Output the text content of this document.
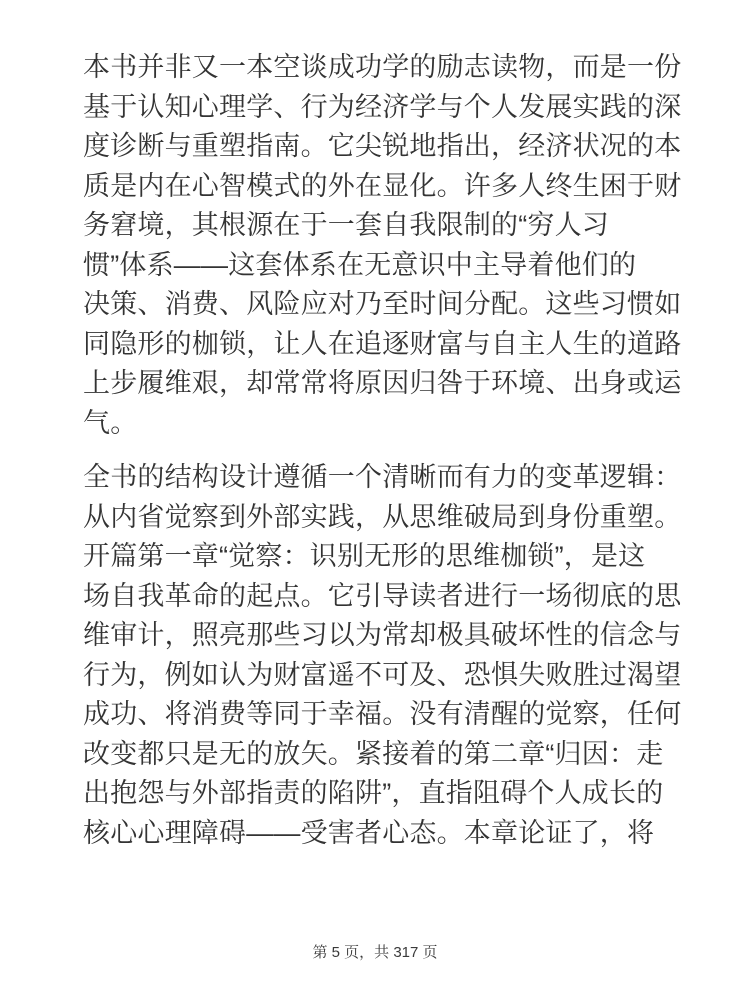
本书并非又一本空谈成功学的励志读物，而是一份
基于认知心理学、行为经济学与个人发展实践的深
度诊断与重塑指南。它尖锐地指出，经济状况的本
质是内在心智模式的外在显化。许多人终生困于财
务窘境，其根源在于一套自我限制的“穷人习
惯”体系——这套体系在无意识中主导着他们的
决策、消费、风险应对乃至时间分配。这些习惯如
同隐形的枷锁，让人在追逐财富与自主人生的道路
上步履维艰，却常常将原因归咎于环境、出身或运
气。
全书的结构设计遵循一个清晰而有力的变革逻辑：
从内省觉察到外部实践，从思维破局到身份重塑。
开篇第一章“觉察：识别无形的思维枷锁”，是这
场自我革命的起点。它引导读者进行一场彻底的思
维审计，照亮那些习以为常却极具破坏性的信念与
行为，例如认为财富遥不可及、恐惧失败胜过渴望
成功、将消费等同于幸福。没有清醒的觉察，任何
改变都只是无的放矢。紧接着的第二章“归因：走
出抱怨与外部指责的陷阱”，直指阻碍个人成长的
核心心理障碍——受害者心态。本章论证了，将
第 5 页，共 317 页
